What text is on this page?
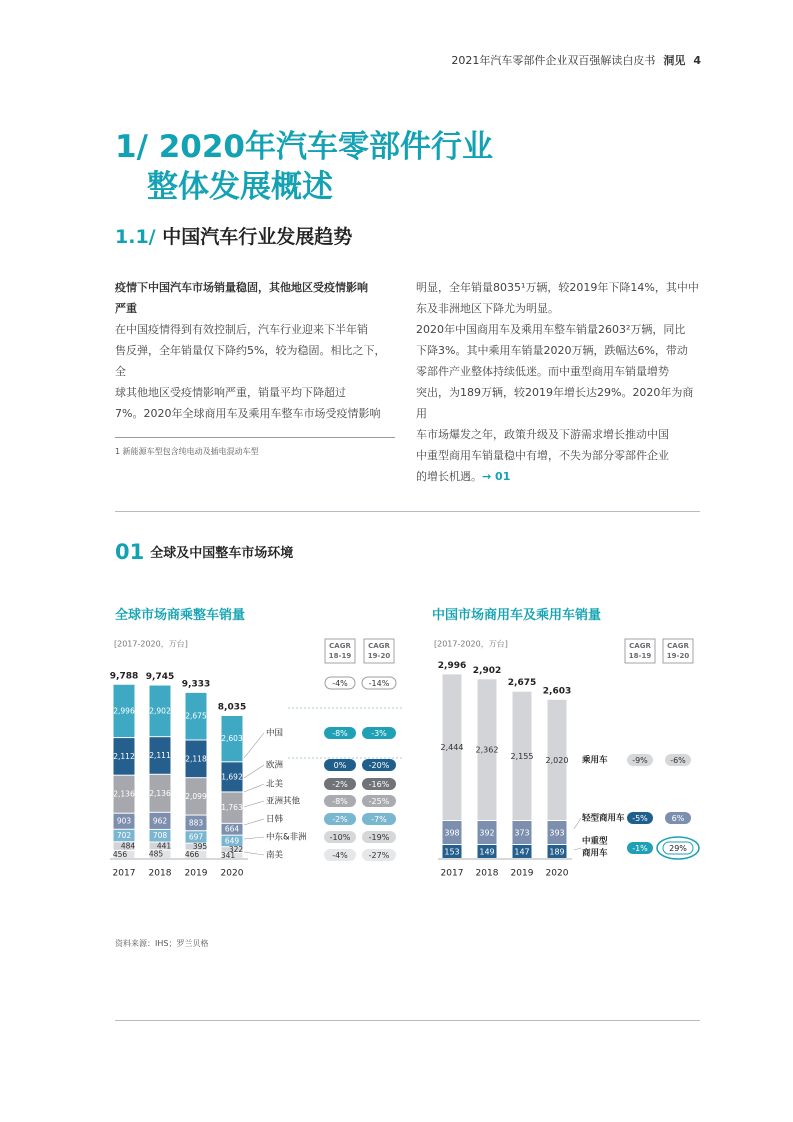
2021年汽车零部件企业双百强解读白皮书 洞见 4
1/ 2020年汽车零部件行业
整体发展概述
1.1/ 中国汽车行业发展趋势

疫情下中国汽车市场销量稳固，其他地区受疫情影响

严重

在中国疫情得到有效控制后，汽车行业迎来下半年销

售反弹，全年销量仅下降约5%，较为稳固。相比之下，全

球其他地区受疫情影响严重，销量平均下降超过

7%。2020年全球商用车及乘用车整车市场受疫情影响

明显，全年销量8035¹万辆，较2019年下降14%，其中中

东及非洲地区下降尤为明显。

2020年中国商用车及乘用车整车销量2603²万辆，同比

下降3%。其中乘用车销量2020万辆，跌幅达6%，带动

零部件产业整体持续低迷。而中重型商用车销量增势

突出，为189万辆，较2019年增长达29%。2020年为商用

车市场爆发之年，政策升级及下游需求增长推动中国

中重型商用车销量稳中有增，不失为部分零部件企业

的增长机遇。→ 01

1 新能源车型包含纯电动及插电混动车型
01 全球及中国整车市场环境
全球市场商乘整车销量	中国市场商用车及乘用车销量
[2017-2020，万台]
456
484
702
903
2,136
2,112
2,996
9,788
2017
485
441
708
962
2,136
2,111
2,902
9,745
2018
466
395
697
883
2,099
2,118
2,675
9,333
2019
341
322
649
664
1,763
1,692
2,603
8,035
2020
CAGR
18-19
CAGR
19-20
-4%	-14%
中国	-8%	-3%
欧洲	0%	-20%
北美	-2%	-16%
亚洲其他	-8%	-25%
日韩	-2%	-7%
中东&非洲	-10% -19%
南美	-4%	-27%
[2017-2020，万台]
153
398
2,444
2,996
2017
149
392
2,362
2,902
2018
147
373
2,155
2,675
2019
189
393
2,020
2,603
2020
CAGR
18-19
CAGR
19-20
乘用车	-9%	-6%
轻型商用车 -5%	6%
中重型
商用车	-1%	29%
资料来源：IHS；罗兰贝格
